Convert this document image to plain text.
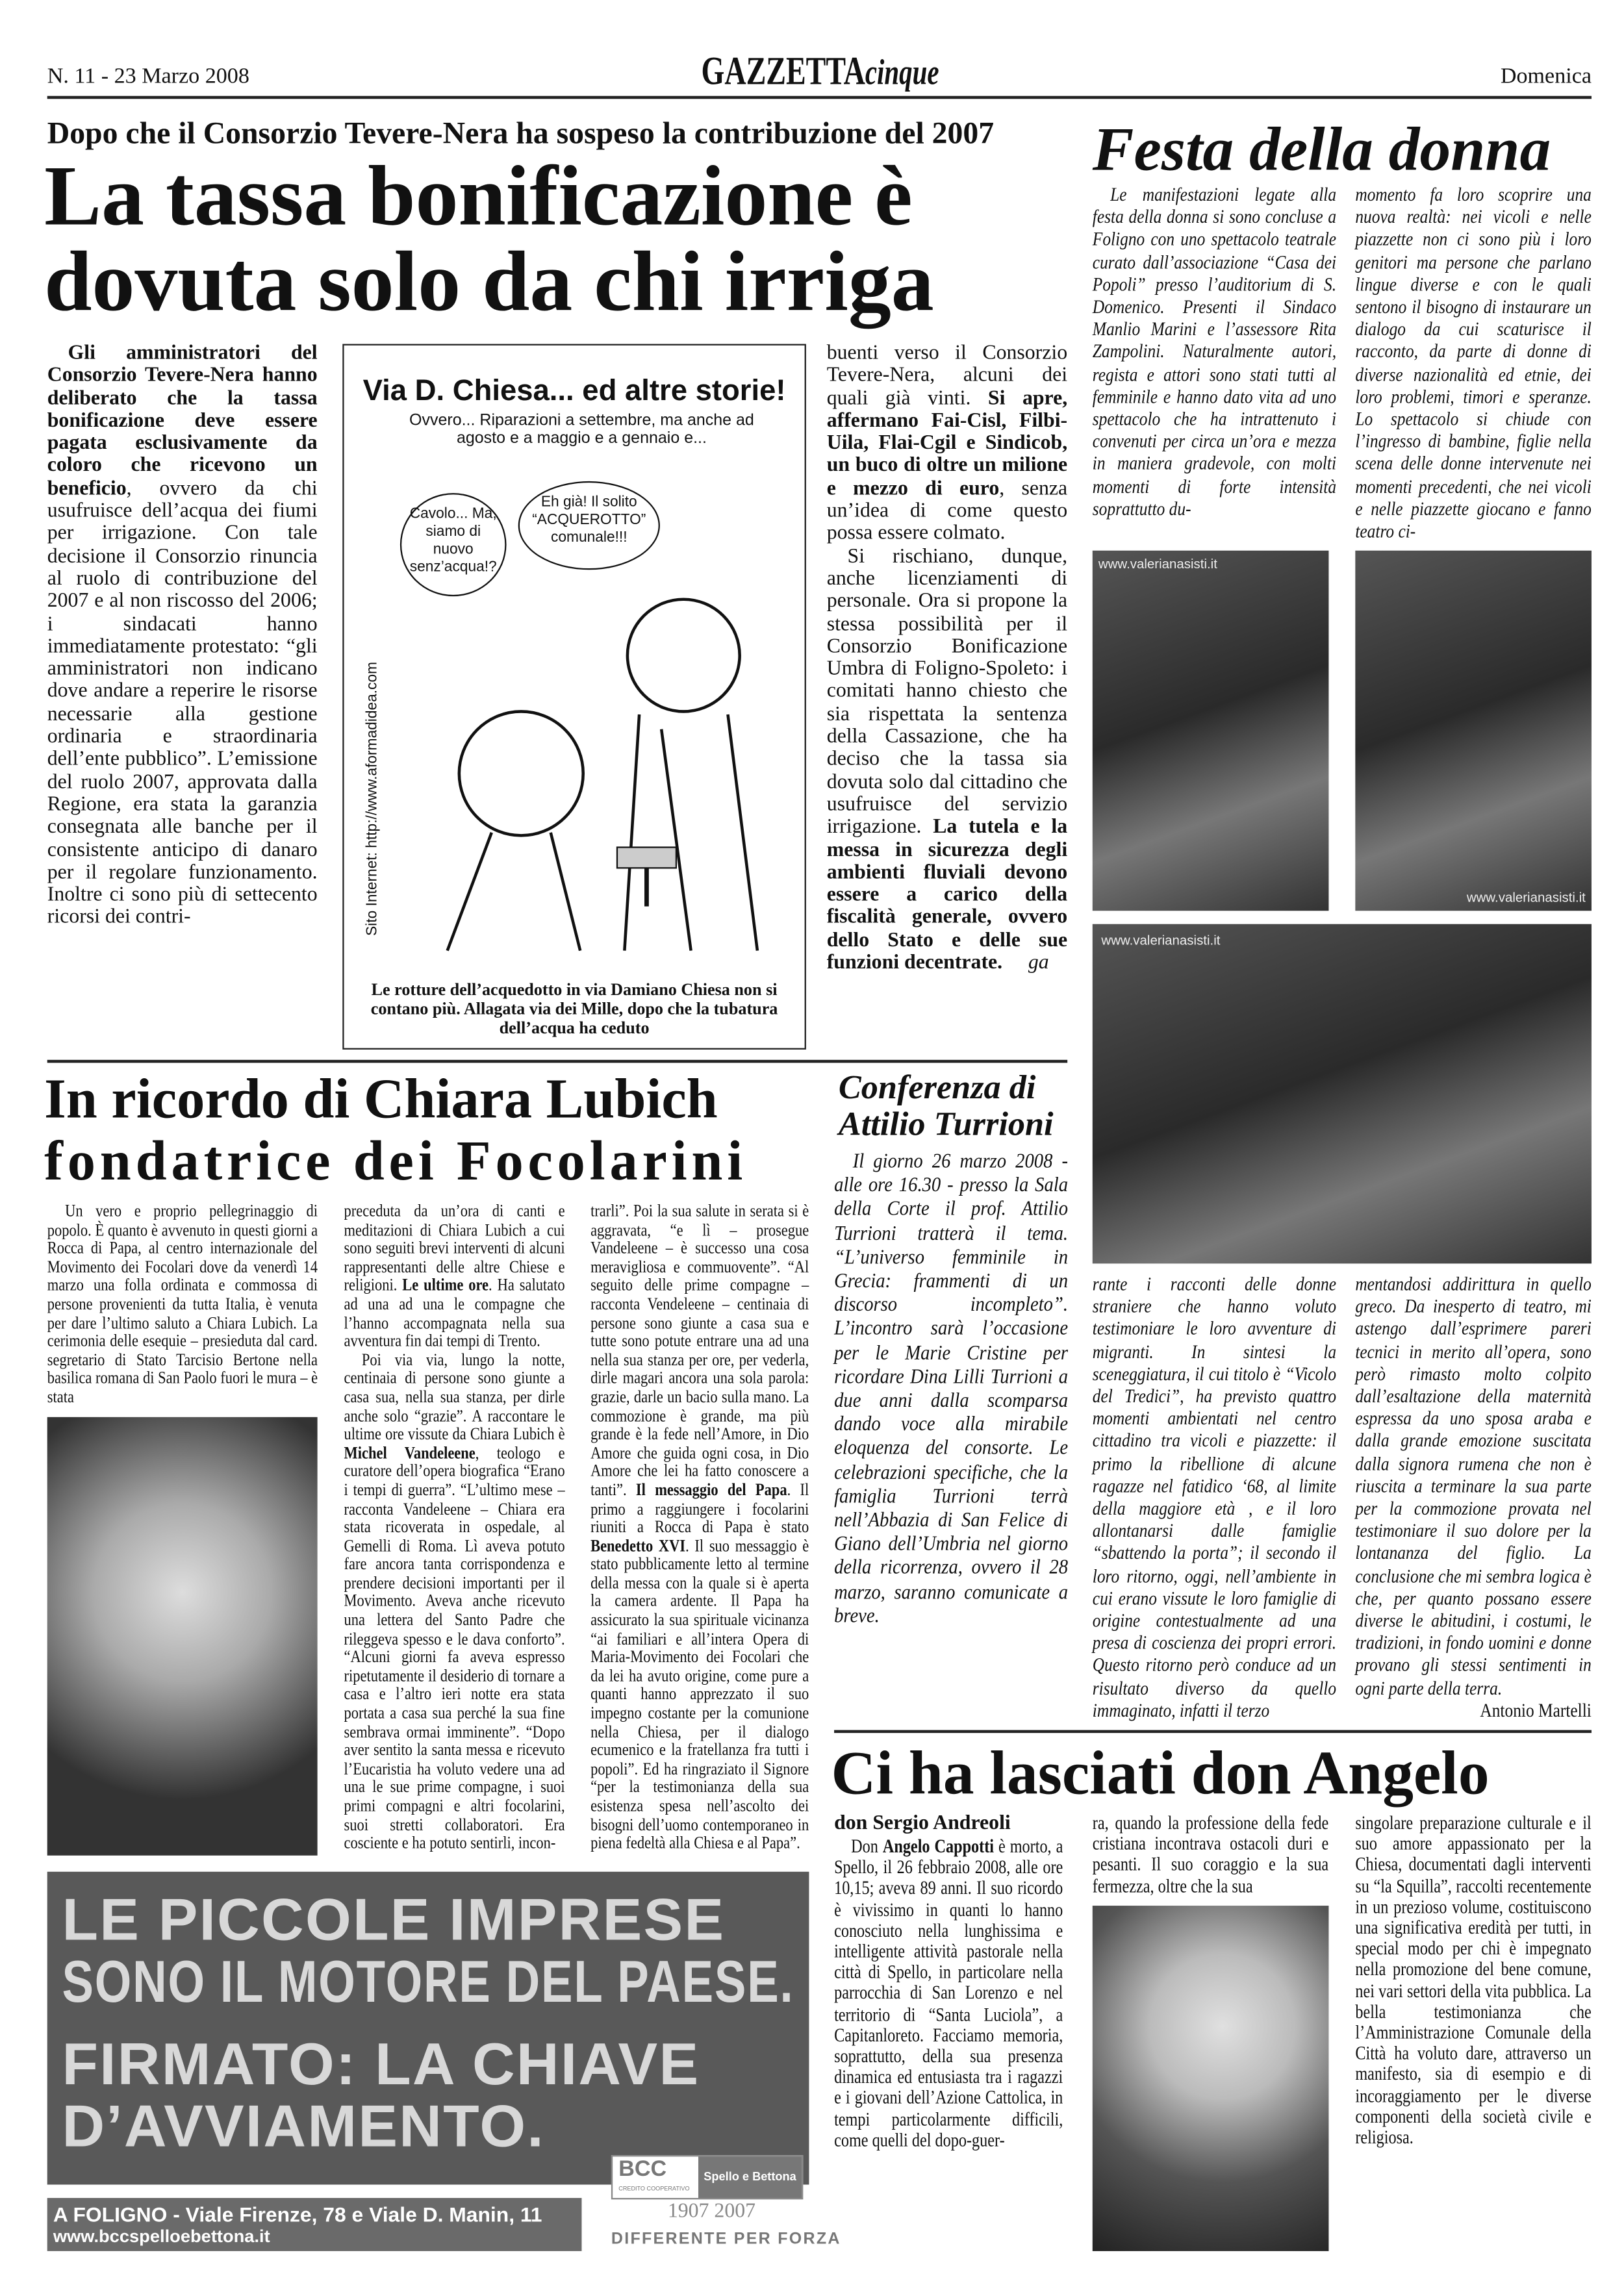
N. 11 - 23 Marzo 2008	GAZZETTAcinque	Domenica
Dopo che il Consorzio Tevere-Nera ha sospeso la contribuzione del 2007
La tassa bonificazione è

dovuta solo da chi irriga

Gli amministratori del Consorzio Tevere-Nera hanno deliberato che la tassa bonificazione deve essere pagata esclusivamente da coloro che ricevono un beneficio, ovvero da chi usufruisce dell’acqua dei fiumi per irrigazione. Con tale decisione il Consorzio rinuncia al ruolo di contribuzione del 2007 e al non riscosso del 2006; i sindacati hanno immediatamente protestato: “gli amministratori non indicano dove andare a reperire le risorse necessarie alla gestione ordinaria e straordinaria dell’ente pubblico”. L’emissione del ruolo 2007, approvata dalla Regione, era stata la garanzia consegnata alle banche per il consistente anticipo di danaro per il regolare funzionamento. Inoltre ci sono più di settecento ricorsi dei contri-

Via D. Chiesa... ed altre storie!
Ovvero... Riparazioni a settembre, ma anche ad agosto e a maggio e a gennaio e...
Cavolo... Ma, siamo di nuovo senz’acqua!?
Eh già! Il solito “ACQUEROTTO” comunale!!!
Sito Internet: http://www.aformadidea.com
Le rotture dell’acquedotto in via Damiano Chiesa non si contano più. Allagata via dei Mille, dopo che la tubatura dell’acqua ha ceduto

buenti verso il Consorzio Tevere-Nera, alcuni dei quali già vinti. Si apre, affermano Fai-Cisl, Filbi-Uila, Flai-Cgil e Sindicob, un buco di oltre un milione e mezzo di euro, senza un’idea di come questo possa essere colmato.

Si rischiano, dunque, anche licenziamenti di personale. Ora si propone la stessa possibilità per il Consorzio Bonificazione Umbra di Foligno-Spoleto: i comitati hanno chiesto che sia rispettata la sentenza della Cassazione, che ha deciso che la tassa sia dovuta solo dal cittadino che usufruisce del servizio irrigazione. La tutela e la messa in sicurezza degli ambienti fluviali devono essere a carico della fiscalità generale, ovvero dello Stato e delle sue funzioni decentrate.	ga

Festa della donna

Le manifestazioni legate alla festa della donna si sono concluse a Foligno con uno spettacolo teatrale curato dall’associazione “Casa dei Popoli” presso l’auditorium di S. Domenico. Presenti il Sindaco Manlio Marini e l’assessore Rita Zampolini. Naturalmente autori, regista e attori sono stati tutti al femminile e hanno dato vita ad uno spettacolo che ha intrattenuto i convenuti per circa un’ora e mezza in maniera gradevole, con molti momenti di forte intensità soprattutto du-

momento fa loro scoprire una nuova realtà: nei vicoli e nelle piazzette non ci sono più i loro genitori ma persone che parlano lingue diverse e con le quali sentono il bisogno di instaurare un dialogo da cui scaturisce il racconto, da parte di donne di diverse nazionalità ed etnie, dei loro problemi, timori e speranze. Lo spettacolo si chiude con l’ingresso di bambine, figlie nella scena delle donne intervenute nei momenti precedenti, che nei vicoli e nelle piazzette giocano e fanno teatro ci-

www.valerianasisti.it
www.valerianasisti.it
www.valerianasisti.it

rante i racconti delle donne straniere che hanno voluto testimoniare le loro avventure di migranti. In sintesi la sceneggiatura, il cui titolo è “Vicolo del Tredici”, ha previsto quattro momenti ambientati nel centro cittadino tra vicoli e piazzette: il primo la ribellione di alcune ragazze nel fatidico ‘68, al limite della maggiore età , e il loro allontanarsi dalle famiglie “sbattendo la porta”; il secondo il loro ritorno, oggi, nell’ambiente in cui erano vissute le loro famiglie di origine contestualmente ad una presa di coscienza dei propri errori. Questo ritorno però conduce ad un risultato diverso da quello immaginato, infatti il terzo

mentandosi addirittura in quello greco. Da inesperto di teatro, mi astengo dall’esprimere pareri tecnici in merito all’opera, sono però rimasto molto colpito dall’esaltazione della maternità espressa da uno sposa araba e dalla grande emozione suscitata dalla signora rumena che non è riuscita a terminare la sua parte per la commozione provata nel testimoniare il suo dolore per la lontananza del figlio. La conclusione che mi sembra logica è che, per quanto possano essere diverse le abitudini, i costumi, le tradizioni, in fondo uomini e donne provano gli stessi sentimenti in ogni parte della terra.
Antonio Martelli

In ricordo di Chiara Lubich
fondatrice dei Focolarini

Un vero e proprio pellegrinaggio di popolo. È quanto è avvenuto in questi giorni a Rocca di Papa, al centro internazionale del Movimento dei Focolari dove da venerdì 14 marzo una folla ordinata e commossa di persone provenienti da tutta Italia, è venuta per dare l’ultimo saluto a Chiara Lubich. La cerimonia delle esequie – presieduta dal card. segretario di Stato Tarcisio Bertone nella basilica romana di San Paolo fuori le mura – è stata

preceduta da un’ora di canti e meditazioni di Chiara Lubich a cui sono seguiti brevi interventi di alcuni rappresentanti delle altre Chiese e religioni. Le ultime ore. Ha salutato ad una ad una le compagne che l’hanno accompagnata nella sua avventura fin dai tempi di Trento.

Poi via via, lungo la notte, centinaia di persone sono giunte a casa sua, nella sua stanza, per dirle anche solo “grazie”. A raccontare le ultime ore vissute da Chiara Lubich è Michel Vandeleene, teologo e curatore dell’opera biografica “Erano i tempi di guerra”. “L’ultimo mese – racconta Vandeleene – Chiara era stata ricoverata in ospedale, al Gemelli di Roma. Lì aveva potuto fare ancora tanta corrispondenza e prendere decisioni importanti per il Movimento. Aveva anche ricevuto una lettera del Santo Padre che rileggeva spesso e le dava conforto”. “Alcuni giorni fa aveva espresso ripetutamente il desiderio di tornare a casa e l’altro ieri notte era stata portata a casa sua perché la sua fine sembrava ormai imminente”. “Dopo aver sentito la santa messa e ricevuto l’Eucaristia ha voluto vedere una ad una le sue prime compagne, i suoi primi compagni e altri focolarini, suoi stretti collaboratori. Era cosciente e ha potuto sentirli, incon-

trarli”. Poi la sua salute in serata si è aggravata, “e lì – prosegue Vandeleene – è successo una cosa meravigliosa e commuovente”. “Al seguito delle prime compagne – racconta Vendeleene – centinaia di persone sono giunte a casa sua e tutte sono potute entrare una ad una nella sua stanza per ore, per vederla, dirle magari ancora una sola parola: grazie, darle un bacio sulla mano. La commozione è grande, ma più grande è la fede nell’Amore, in Dio Amore che guida ogni cosa, in Dio Amore che lei ha fatto conoscere a tanti”. Il messaggio del Papa. Il primo a raggiungere i focolarini riuniti a Rocca di Papa è stato Benedetto XVI. Il suo messaggio è stato pubblicamente letto al termine della messa con la quale si è aperta la camera ardente. Il Papa ha assicurato la sua spirituale vicinanza “ai familiari e all’intera Opera di Maria-Movimento dei Focolari che da lei ha avuto origine, come pure a quanti hanno apprezzato il suo impegno costante per la comunione nella Chiesa, per il dialogo ecumenico e la fratellanza fra tutti i popoli”. Ed ha ringraziato il Signore “per la testimonianza della sua esistenza spesa nell’ascolto dei bisogni dell’uomo contemporaneo in piena fedeltà alla Chiesa e al Papa”.

Conferenza di
Attilio Turrioni

Il giorno 26 marzo 2008 - alle ore 16.30 - presso la Sala della Corte il prof. Attilio Turrioni tratterà il tema. “L’universo femminile in Grecia: frammenti di un discorso incompleto”. L’incontro sarà l’occasione per le Marie Cristine per ricordare Dina Lilli Turrioni a due anni dalla scomparsa dando voce alla mirabile eloquenza del consorte. Le celebrazioni specifiche, che la famiglia Turrioni terrà nell’Abbazia di San Felice di Giano dell’Umbria nel giorno della ricorrenza, ovvero il 28 marzo, saranno comunicate a breve.

Ci ha lasciati don Angelo
don Sergio Andreoli

Don Angelo Cappotti è morto, a Spello, il 26 febbraio 2008, alle ore 10,15; aveva 89 anni. Il suo ricordo è vivissimo in quanti lo hanno conosciuto nella lunghissima e intelligente attività pastorale nella città di Spello, in particolare nella parrocchia di San Lorenzo e nel territorio di “Santa Luciola”, a Capitanloreto. Facciamo memoria, soprattutto, della sua presenza dinamica ed entusiasta tra i ragazzi e i giovani dell’Azione Cattolica, in tempi particolarmente difficili, come quelli del dopo-guer-

ra, quando la professione della fede cristiana incontrava ostacoli duri e pesanti. Il suo coraggio e la sua fermezza, oltre che la sua

singolare preparazione culturale e il suo amore appassionato per la Chiesa, documentati dagli interventi su “la Squilla”, raccolti recentemente in un prezioso volume, costituiscono una significativa eredità per tutti, in special modo per chi è impegnato nella promozione del bene comune, nei vari settori della vita pubblica. La bella testimonianza che l’Amministrazione Comunale della Città ha voluto dare, attraverso un manifesto, sia di esempio e di incoraggiamento per le diverse componenti della società civile e religiosa.

LE PICCOLE IMPRESE
SONO IL MOTORE DEL PAESE.
FIRMATO: LA CHIAVE
D’AVVIAMENTO.
A FOLIGNO - Viale Firenze, 78 e Viale D. Manin, 11
www.bccspelloebettona.it
BCC
CREDITO COOPERATIVO
Spello e Bettona
1907 2007
DIFFERENTE PER FORZA
